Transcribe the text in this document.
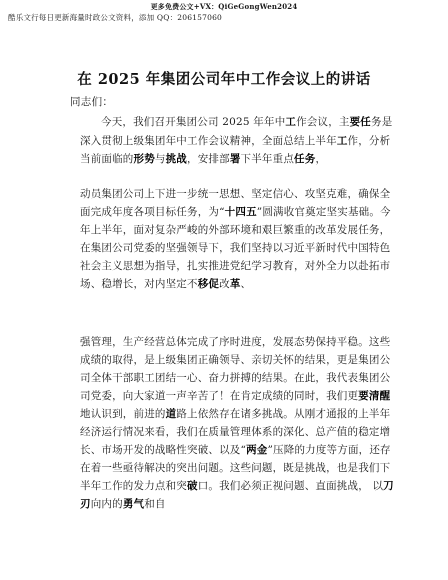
更多免费公文+VX：QiGeGongWen2024
酷乐文行每日更新海量时政公文资料，添加 QQ：206157060
在 2025 年集团公司年中工作会议上的讲话
同志们：

今天，我们召开集团公司 2025 年年中工作会议，主要任务是深入贯彻上级集团年中工作会议精神，全面总结上半年工作，分析当前面临的形势与挑战，安排部署下半年重点任务，

动员集团公司上下进一步统一思想、坚定信心、攻坚克难，确保全面完成年度各项目标任务，为“十四五”圆满收官奠定坚实基础。今年上半年，面对复杂严峻的外部环境和艰巨繁重的改革发展任务，在集团公司党委的坚强领导下，我们坚持以习近平新时代中国特色社会主义思想为指导，扎实推进党纪学习教育，对外全力以赴拓市场、稳增长，对内坚定不移促改革、

强管理，生产经营总体完成了序时进度，发展态势保持平稳。这些成绩的取得，是上级集团正确领导、亲切关怀的结果，更是集团公司全体干部职工团结一心、奋力拼搏的结果。在此，我代表集团公司党委，向大家道一声辛苦了！在肯定成绩的同时，我们更要清醒地认识到，前进的道路上依然存在诸多挑战。从刚才通报的上半年经济运行情况来看，我们在质量管理体系的深化、总产值的稳定增长、市场开发的战略性突破、以及“两金”压降的力度等方面，还存在着一些亟待解决的突出问题。这些问题，既是挑战，也是我们下半年工作的发力点和突破口。我们必须正视问题、直面挑战， 以刀刃向内的勇气和自
